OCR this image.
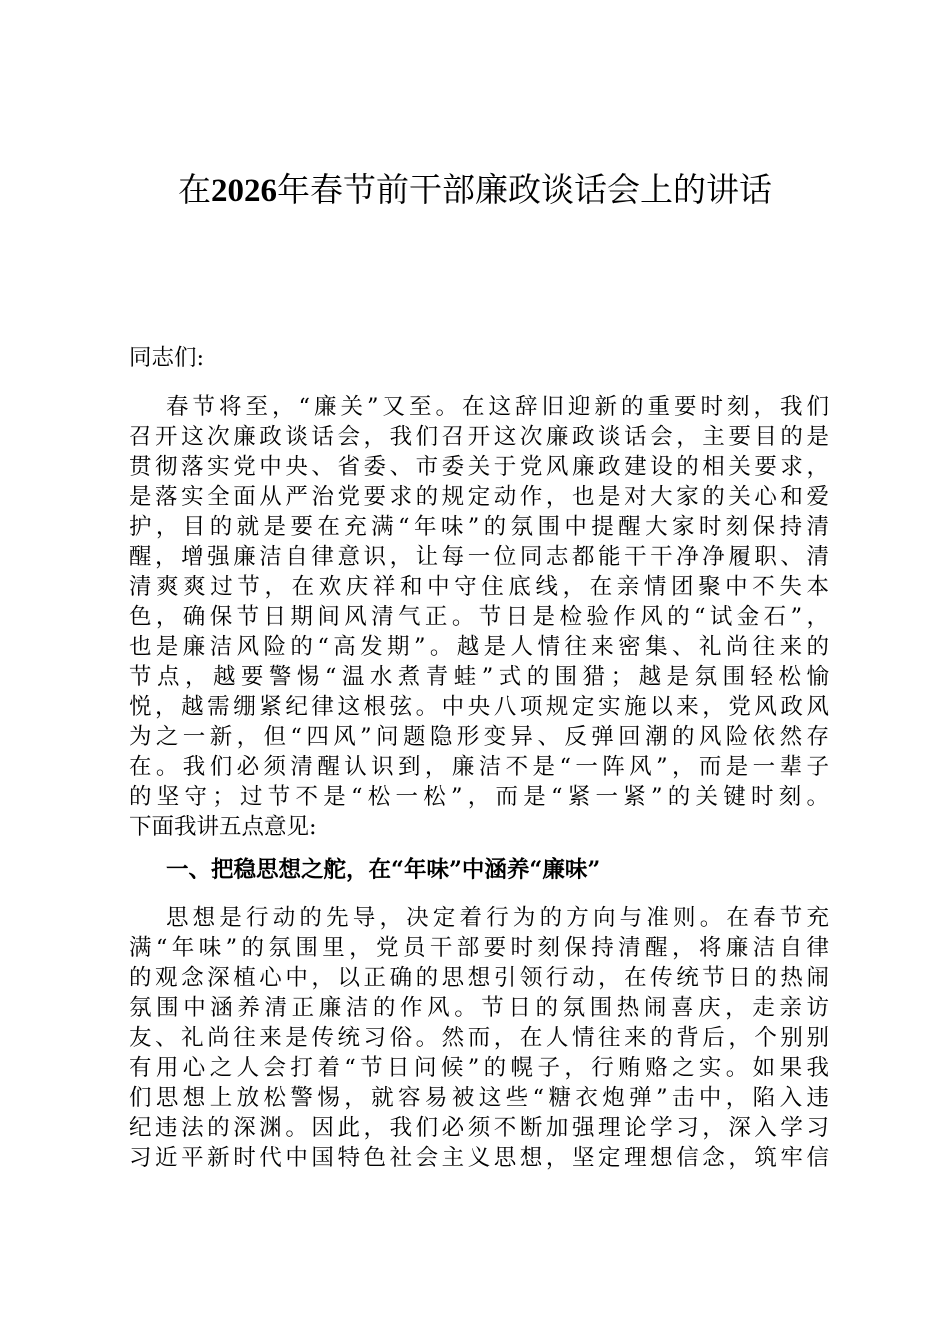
在2026年春节前干部廉政谈话会上的讲话
同志们:
春节将至，“廉关”又至。在这辞旧迎新的重要时刻，我们
召开这次廉政谈话会，我们召开这次廉政谈话会，主要目的是
贯彻落实党中央、省委、市委关于党风廉政建设的相关要求，
是落实全面从严治党要求的规定动作，也是对大家的关心和爱
护，目的就是要在充满“年味”的氛围中提醒大家时刻保持清
醒，增强廉洁自律意识，让每一位同志都能干干净净履职、清
清爽爽过节，在欢庆祥和中守住底线，在亲情团聚中不失本
色，确保节日期间风清气正。节日是检验作风的“试金石”，
也是廉洁风险的“高发期”。越是人情往来密集、礼尚往来的
节点，越要警惕“温水煮青蛙”式的围猎；越是氛围轻松愉
悦，越需绷紧纪律这根弦。中央八项规定实施以来，党风政风
为之一新，但“四风”问题隐形变异、反弹回潮的风险依然存
在。我们必须清醒认识到，廉洁不是“一阵风”，而是一辈子
的坚守；过节不是“松一松”，而是“紧一紧”的关键时刻。
下面我讲五点意见:
一、把稳思想之舵，在“年味”中涵养“廉味”
思想是行动的先导，决定着行为的方向与准则。在春节充
满“年味”的氛围里，党员干部要时刻保持清醒，将廉洁自律
的观念深植心中，以正确的思想引领行动，在传统节日的热闹
氛围中涵养清正廉洁的作风。节日的氛围热闹喜庆，走亲访
友、礼尚往来是传统习俗。然而，在人情往来的背后，个别别
有用心之人会打着“节日问候”的幌子，行贿赂之实。如果我
们思想上放松警惕，就容易被这些“糖衣炮弹”击中，陷入违
纪违法的深渊。因此，我们必须不断加强理论学习，深入学习
习近平新时代中国特色社会主义思想，坚定理想信念，筑牢信
